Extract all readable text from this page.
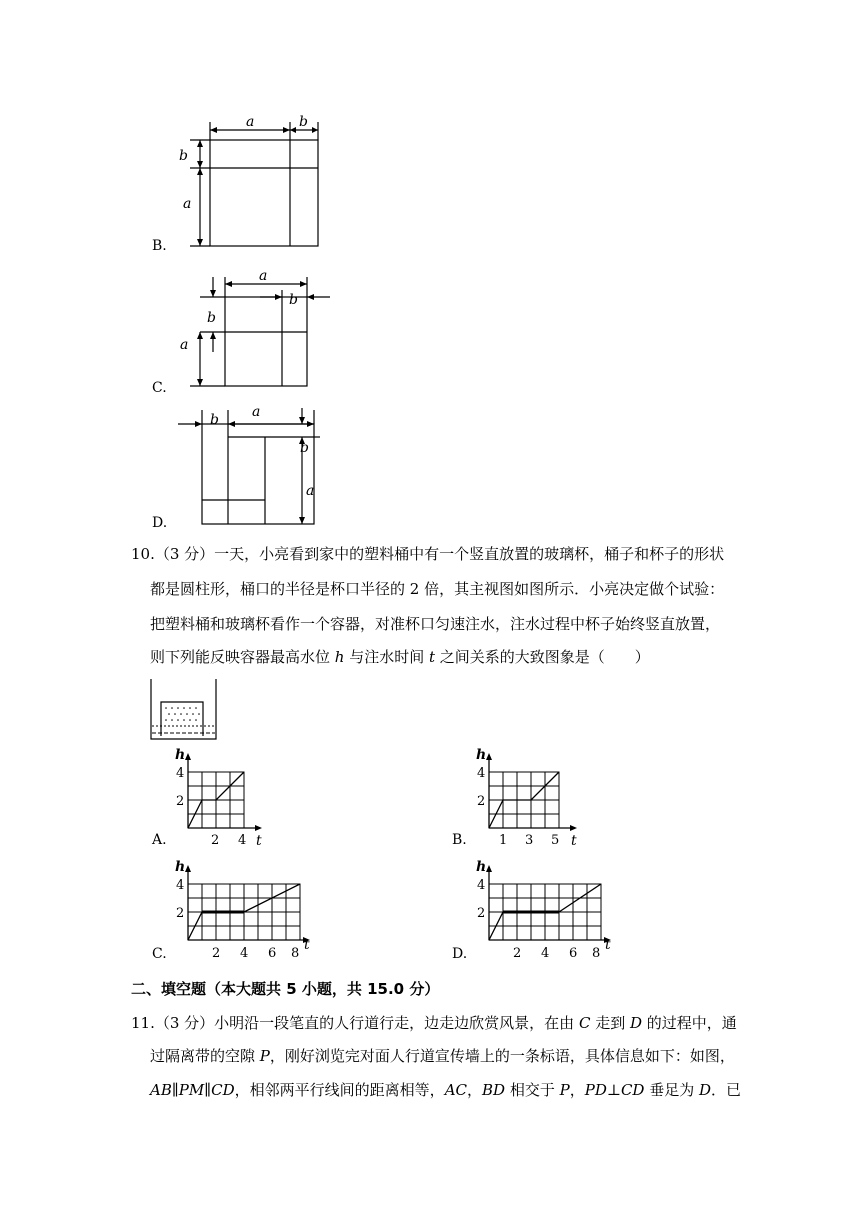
B.
a	b
b
a
C.
a
b
b
a
D.
b a
b
a
10.（3 分）一天，小亮看到家中的塑料桶中有一个竖直放置的玻璃杯，桶子和杯子的形状
都是圆柱形，桶口的半径是杯口半径的 2 倍，其主视图如图所示．小亮决定做个试验：
把塑料桶和玻璃杯看作一个容器，对准杯口匀速注水，注水过程中杯子始终竖直放置，
则下列能反映容器最高水位 h 与注水时间 t 之间关系的大致图象是（　　）
A.
h
4
2
2 4 t	B.
h
4
2
1 3 5 t
C.
h
4
2
2 4 6 8
t
D.
h
4
2
2 4 6 8
t
二、填空题（本大题共 5 小题，共 15.0 分）
11.（3 分）小明沿一段笔直的人行道行走，边走边欣赏风景，在由 C 走到 D 的过程中，通
过隔离带的空隙 P，刚好浏览完对面人行道宣传墙上的一条标语，具体信息如下：如图，
AB∥PM∥CD，相邻两平行线间的距离相等，AC，BD 相交于 P，PD⊥CD 垂足为 D．已
